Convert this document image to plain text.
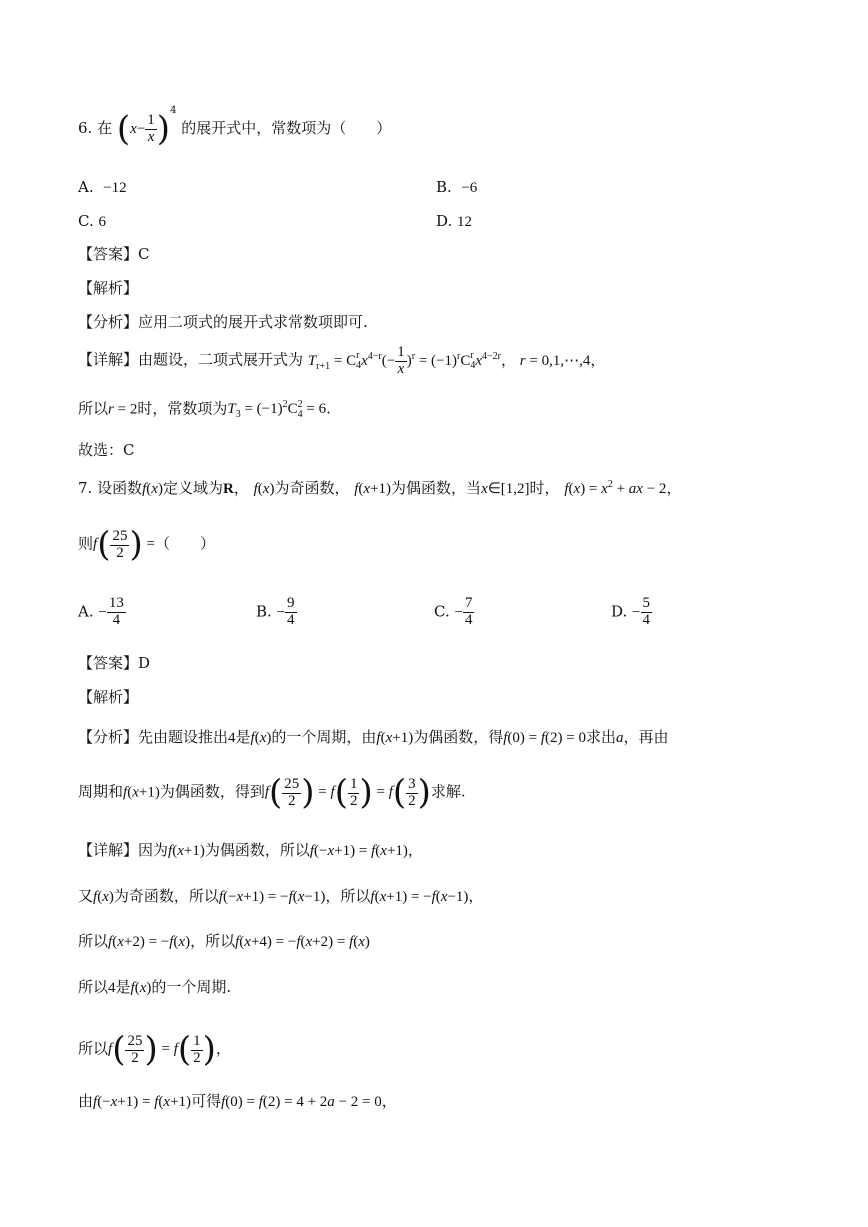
6. 在 $(x- \frac{1}{x} )^4$ 的展开式中，常数项为（　　）
A. −12	B. −6
C. 6	D. 12
【答案】C
【解析】
【分析】应用二项式的展开式求常数项即可.
【详解】由题设，二项式展开式为 $T_{r+1} = C$ r
4 $x^{4-r}(- \frac{1}{x} )^r = (-1)^rC$ r
4 $x^{4-2r}$， r = 0,1,⋯,4，
所以r = 2时，常数项为$T_3 = (-1)^2C$ 2
4 = 6.
故选：C
7. 设函数f(x)定义域为R， f(x)为奇函数， f(x+1)为偶函数，当x∈[1,2]时， $f(x) = x^2$ + ax − 2，
则$f( \frac{25}{2}$ ) =（　　）
A. − $\frac{13}{4}$	B. − $\frac{9}{4}$	C. − $\frac{7}{4}$	D. − $\frac{5}{4}$
【答案】D
【解析】
【分析】先由题设推出4是f(x)的一个周期，由f(x+1)为偶函数，得f(0) = f(2) = 0求出a，再由
周期和f(x+1)为偶函数，得到$f( \frac{25}{2}$ ) = $f( \frac{1}{2}$ ) = $f( \frac{3}{2}$ )求解.
【详解】因为f(x+1)为偶函数，所以f(−x+1) = f(x+1)，
又f(x)为奇函数，所以f(−x+1) = −f(x−1)，所以f(x+1) = −f(x−1)，
所以f(x+2) = −f(x)，所以f(x+4) = −f(x+2) = f(x)
所以4是f(x)的一个周期.
所以$f( \frac{25}{2}$ ) = $f( \frac{1}{2}$ )，
由f(−x+1) = f(x+1)可得f(0) = f(2) = 4 + 2a − 2 = 0，
